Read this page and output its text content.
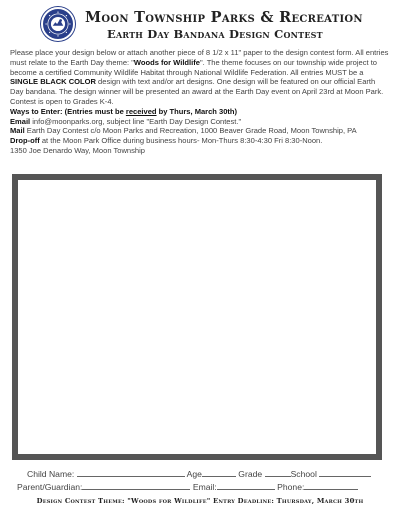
Moon Township Parks & Recreation
Earth Day Bandana Design Contest

Please place your design below or attach another piece of 8 1/2 x 11" paper to the design contest form. All entries must relate to the Earth Day theme: "Woods for Wildlife". The theme focuses on our township wide project to become a certified Community Wildlife Habitat through National Wildlife Federation. All entries MUST be a SINGLE BLACK COLOR design with text and/or art designs. One design will be featured on our official Earth Day bandana. The design winner will be presented an award at the Earth Day event on April 23rd at Moon Park. Contest is open to Grades K-4.

Ways to Enter: (Entries must be received by Thurs, March 30th)

Email info@moonparks.org, subject line "Earth Day Design Contest."

Mail Earth Day Contest c/o Moon Parks and Recreation, 1000 Beaver Grade Road, Moon Township, PA

Drop-off at the Moon Park Office during business hours- Mon-Thurs 8:30-4:30 Fri 8:30-Noon.

1350 Joe Denardo Way, Moon Township

Child Name:	Age	Grade	School
Parent/Guardian:	Email:	Phone:
Design Contest Theme: "Woods for Wildlife" Entry Deadline: Thursday, March 30th
